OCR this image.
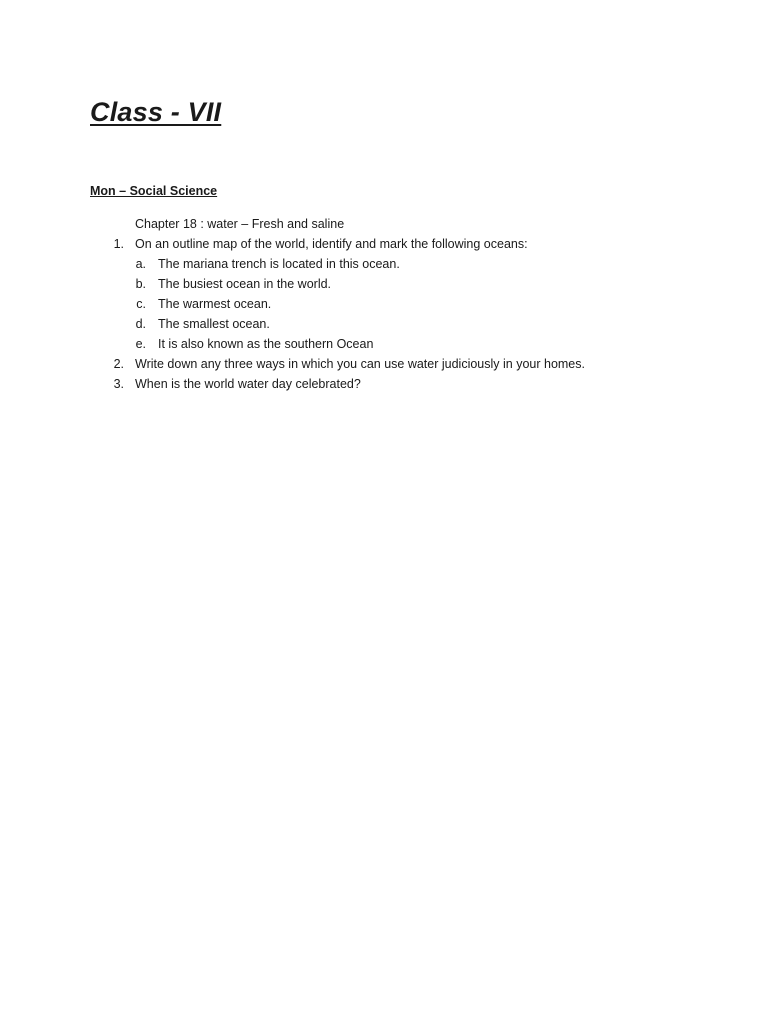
Class - VII
Mon – Social Science
Chapter 18 : water – Fresh and saline
1. On an outline map of the world, identify and mark the following oceans:
a. The mariana trench is located in this ocean.
b. The busiest ocean in the world.
c. The warmest ocean.
d. The smallest ocean.
e. It is also known as the southern Ocean
2. Write down any three ways in which you can use water judiciously in your homes.
3. When is the world water day celebrated?
